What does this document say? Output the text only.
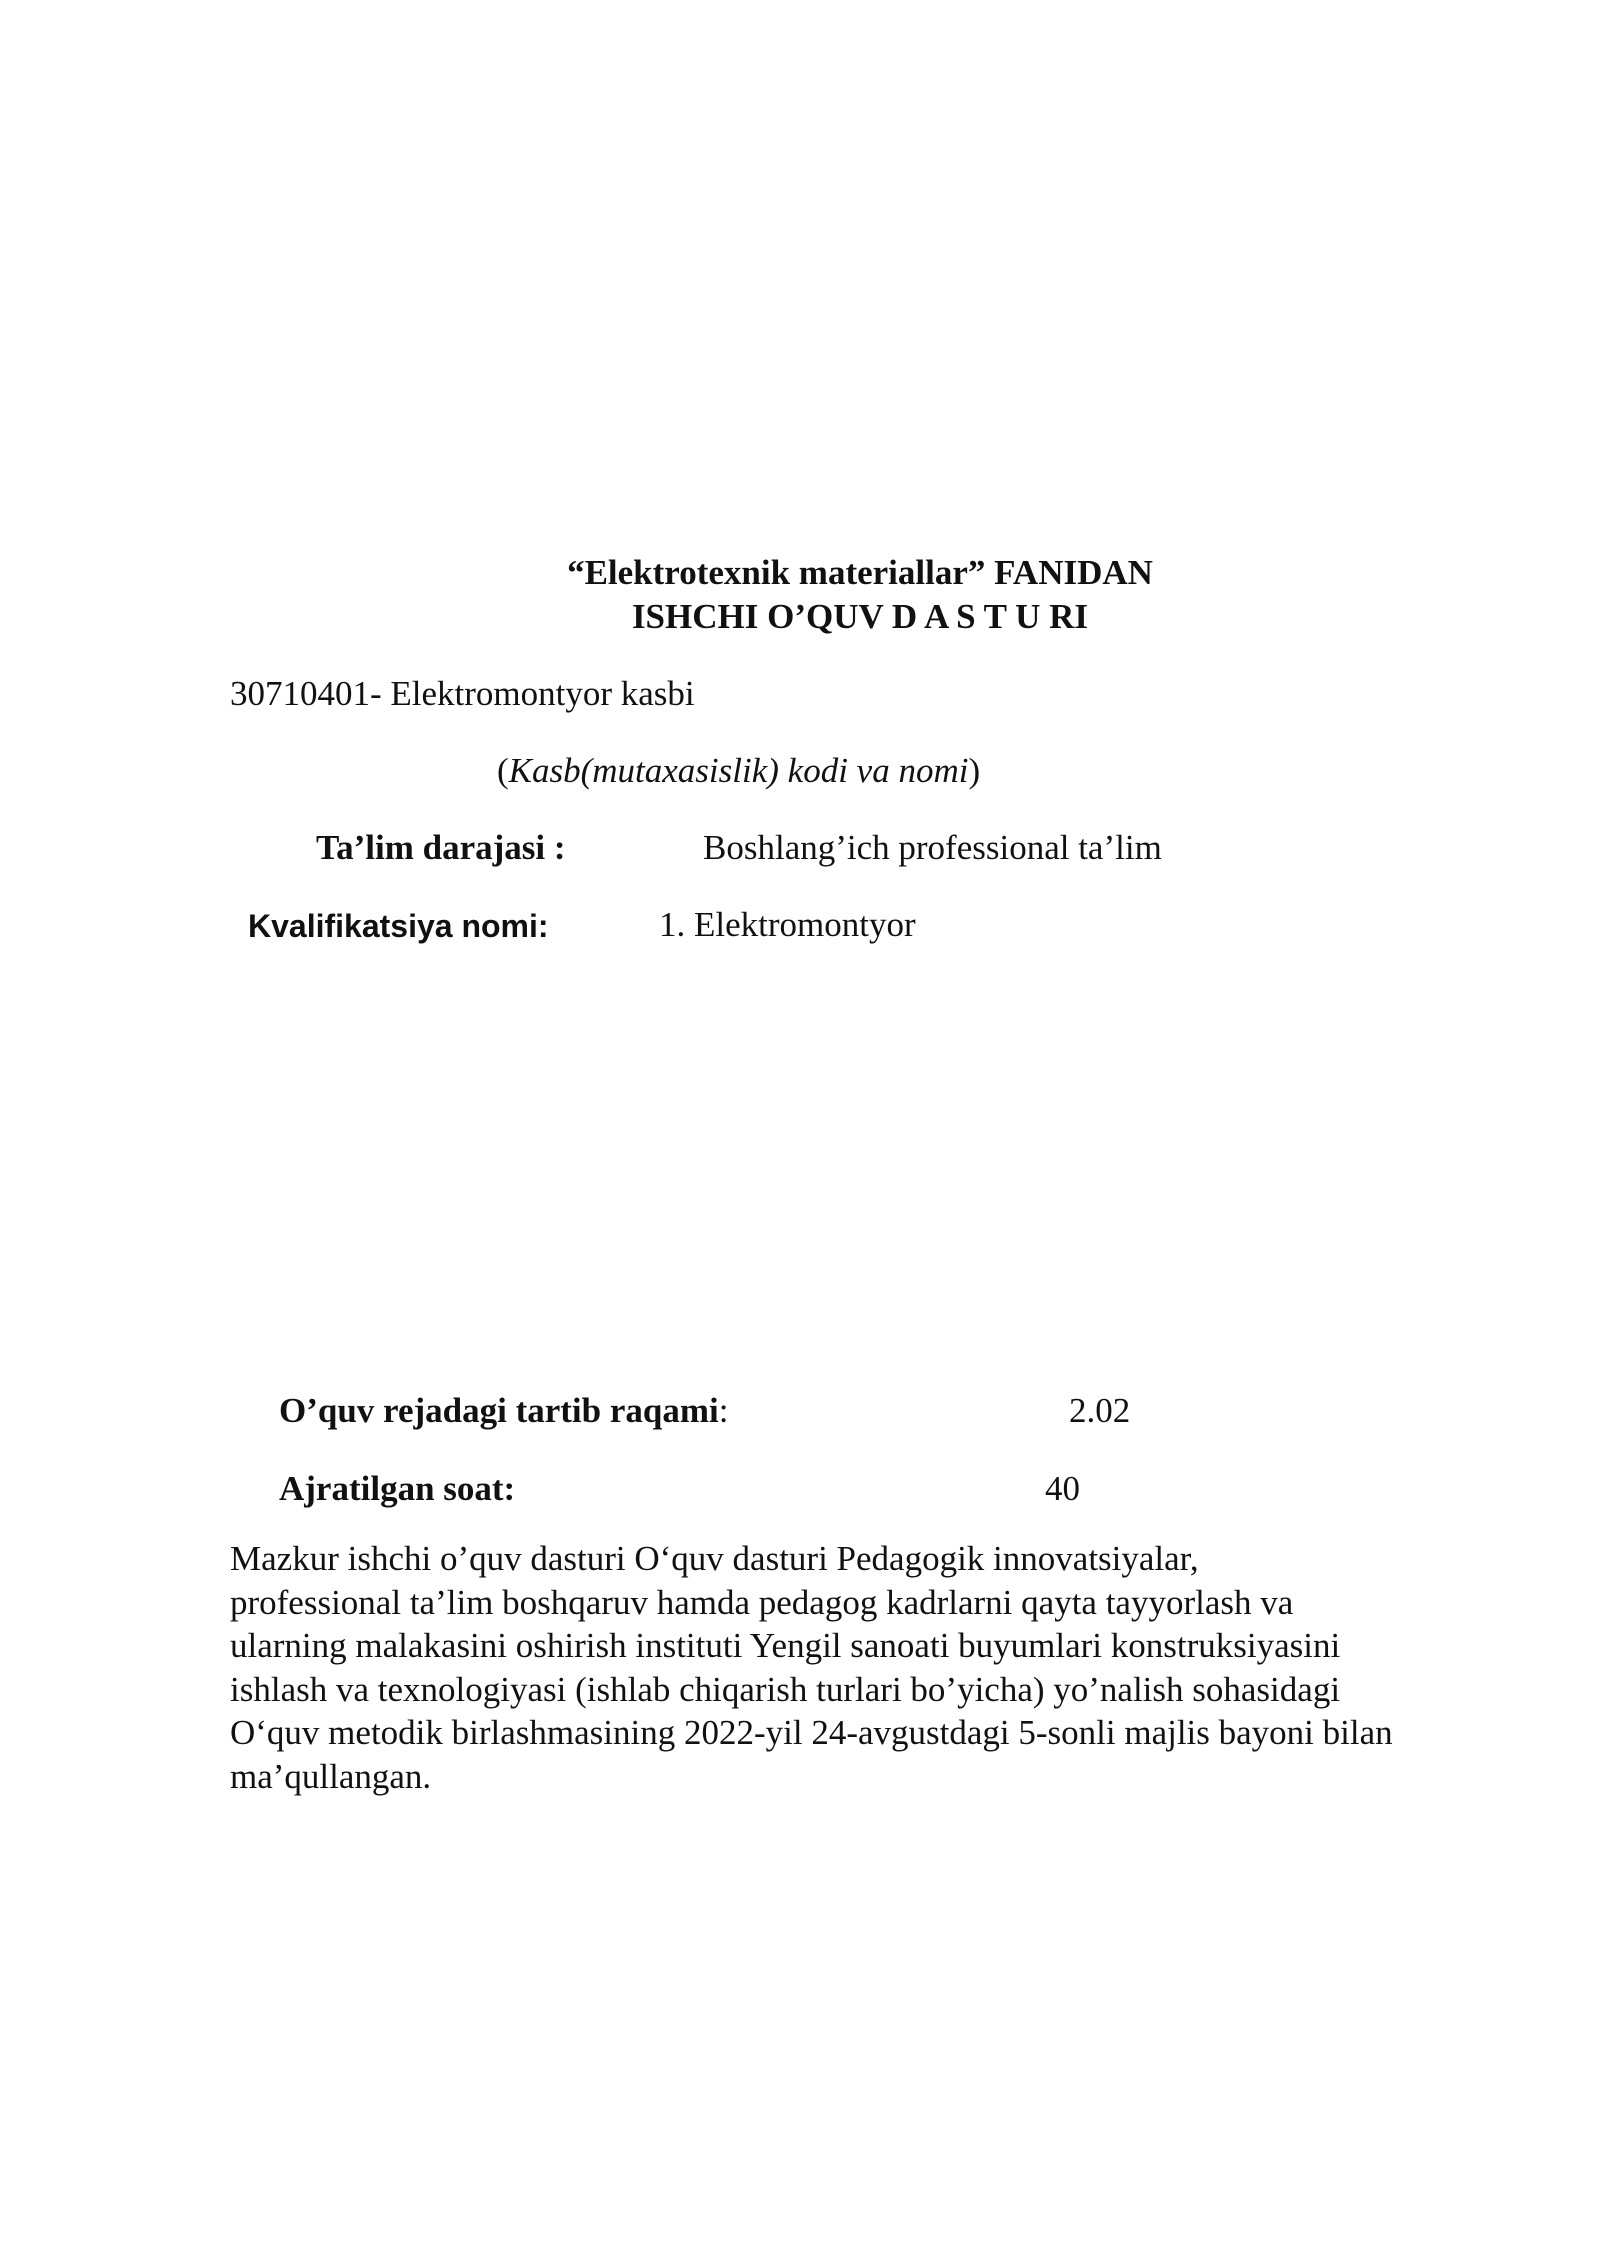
“Elektrotexnik materiallar” FANIDAN
ISHCHI O’QUV D A S T U RI
30710401- Elektromontyor kasbi
(Kasb(mutaxasislik) kodi va nomi)
Ta’lim darajasi :	Boshlang’ich professional ta’lim
Kvalifikatsiya nomi:	1. Elektromontyor
O’quv rejadagi tartib raqami:	2.02
Ajratilgan soat:	40
Mazkur ishchi o’quv dasturi O‘quv dasturi Pedagogik innovatsiyalar,
professional ta’lim boshqaruv hamda pedagog kadrlarni qayta tayyorlash va
ularning malakasini oshirish instituti Yengil sanoati buyumlari konstruksiyasini
ishlash va texnologiyasi (ishlab chiqarish turlari bo’yicha) yo’nalish sohasidagi
O‘quv metodik birlashmasining 2022-yil 24-avgustdagi 5-sonli majlis bayoni bilan
ma’qullangan.
